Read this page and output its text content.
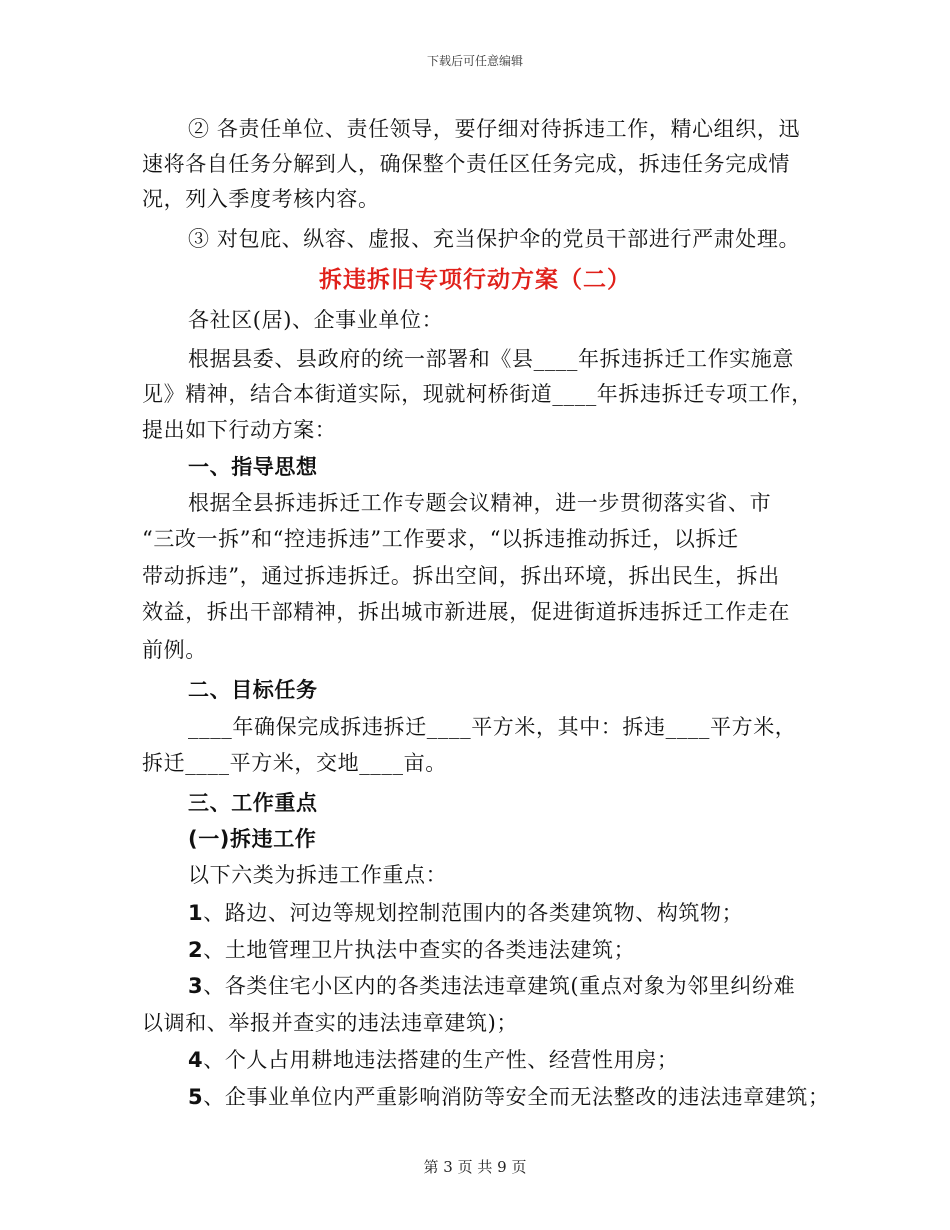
下载后可任意编辑
② 各责任单位、责任领导，要仔细对待拆违工作，精心组织，迅
速将各自任务分解到人，确保整个责任区任务完成，拆违任务完成情
况，列入季度考核内容。
③ 对包庇、纵容、虚报、充当保护伞的党员干部进行严肃处理。
拆违拆旧专项行动方案（二）
各社区(居)、企事业单位：
根据县委、县政府的统一部署和《县____年拆违拆迁工作实施意
见》精神，结合本街道实际，现就柯桥街道____年拆违拆迁专项工作，
提出如下行动方案：
一、指导思想
根据全县拆违拆迁工作专题会议精神，进一步贯彻落实省、市
“三改一拆”和“控违拆违”工作要求，“以拆违推动拆迁，以拆迁
带动拆违”，通过拆违拆迁。拆出空间，拆出环境，拆出民生，拆出
效益，拆出干部精神，拆出城市新进展，促进街道拆违拆迁工作走在
前例。
二、目标任务
____年确保完成拆违拆迁____平方米，其中：拆违____平方米，
拆迁____平方米，交地____亩。
三、工作重点
(一)拆违工作
以下六类为拆违工作重点：
1、路边、河边等规划控制范围内的各类建筑物、构筑物；
2、土地管理卫片执法中查实的各类违法建筑；
3、各类住宅小区内的各类违法违章建筑(重点对象为邻里纠纷难
以调和、举报并查实的违法违章建筑)；
4、个人占用耕地违法搭建的生产性、经营性用房；
5、企事业单位内严重影响消防等安全而无法整改的违法违章建筑；
第 3 页 共 9 页
